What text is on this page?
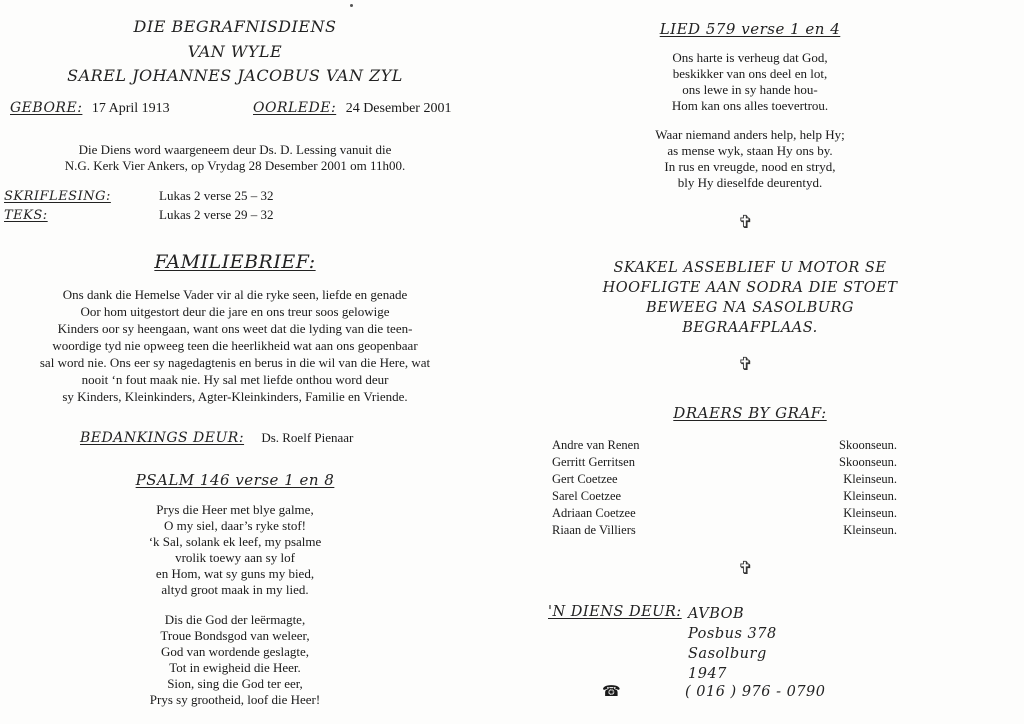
DIE BEGRAFNISDIENS
VAN WYLE
SAREL JOHANNES JACOBUS VAN ZYL
GEBORE: 17 April 1913	OORLEDE: 24 Desember 2001
Die Diens word waargeneem deur Ds. D. Lessing vanuit die
N.G. Kerk Vier Ankers, op Vrydag 28 Desember 2001 om 11h00.
SKRIFLESING:	Lukas 2 verse 25 – 32
TEKS:	Lukas 2 verse 29 – 32
FAMILIEBRIEF:
Ons dank die Hemelse Vader vir al die ryke seen, liefde en genade
Oor hom uitgestort deur die jare en ons treur soos gelowige
Kinders oor sy heengaan, want ons weet dat die lyding van die teen-
woordige tyd nie opweeg teen die heerlikheid wat aan ons geopenbaar
sal word nie. Ons eer sy nagedagtenis en berus in die wil van die Here, wat
nooit ‘n fout maak nie. Hy sal met liefde onthou word deur
sy Kinders, Kleinkinders, Agter-Kleinkinders, Familie en Vriende.
BEDANKINGS DEUR: Ds. Roelf Pienaar
PSALM 146 verse 1 en 8
Prys die Heer met blye galme,
O my siel, daar’s ryke stof!
‘k Sal, solank ek leef, my psalme
vrolik toewy aan sy lof
en Hom, wat sy guns my bied,
altyd groot maak in my lied.
Dis die God der leërmagte,
Troue Bondsgod van weleer,
God van wordende geslagte,
Tot in ewigheid die Heer.
Sion, sing die God ter eer,
Prys sy grootheid, loof die Heer!
LIED 579 verse 1 en 4
Ons harte is verheug dat God,
beskikker van ons deel en lot,
ons lewe in sy hande hou-
Hom kan ons alles toevertrou.
Waar niemand anders help, help Hy;
as mense wyk, staan Hy ons by.
In rus en vreugde, nood en stryd,
bly Hy dieselfde deurentyd.
✞
SKAKEL ASSEBLIEF U MOTOR SE
HOOFLIGTE AAN SODRA DIE STOET
BEWEEG NA SASOLBURG
BEGRAAFPLAAS.
✞
DRAERS BY GRAF:
Andre van Renen	Skoonseun.
Gerritt Gerritsen	Skoonseun.
Gert Coetzee	Kleinseun.
Sarel Coetzee	Kleinseun.
Adriaan Coetzee	Kleinseun.
Riaan de Villiers	Kleinseun.
✞
'N DIENS DEUR: AVBOB
Posbus 378
Sasolburg
1947
☎	( 016 ) 976 - 0790
